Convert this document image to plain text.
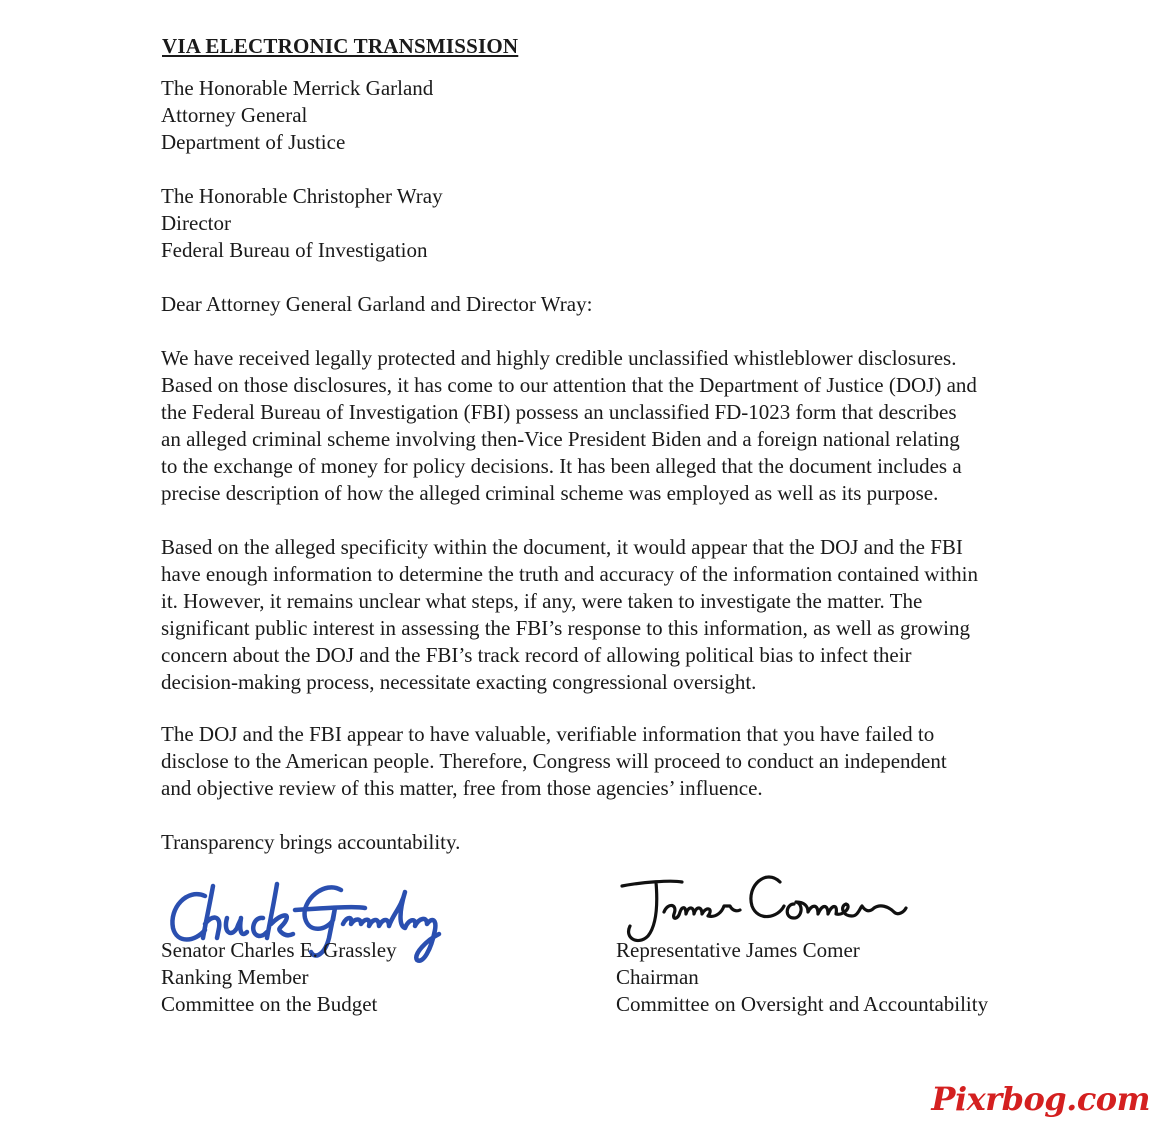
VIA ELECTRONIC TRANSMISSION
The Honorable Merrick Garland
Attorney General
Department of Justice
The Honorable Christopher Wray
Director
Federal Bureau of Investigation
Dear Attorney General Garland and Director Wray:
We have received legally protected and highly credible unclassified whistleblower disclosures.
Based on those disclosures, it has come to our attention that the Department of Justice (DOJ) and
the Federal Bureau of Investigation (FBI) possess an unclassified FD-1023 form that describes
an alleged criminal scheme involving then-Vice President Biden and a foreign national relating
to the exchange of money for policy decisions. It has been alleged that the document includes a
precise description of how the alleged criminal scheme was employed as well as its purpose.
Based on the alleged specificity within the document, it would appear that the DOJ and the FBI
have enough information to determine the truth and accuracy of the information contained within
it. However, it remains unclear what steps, if any, were taken to investigate the matter. The
significant public interest in assessing the FBI’s response to this information, as well as growing
concern about the DOJ and the FBI’s track record of allowing political bias to infect their
decision-making process, necessitate exacting congressional oversight.
The DOJ and the FBI appear to have valuable, verifiable information that you have failed to
disclose to the American people. Therefore, Congress will proceed to conduct an independent
and objective review of this matter, free from those agencies’ influence.
Transparency brings accountability.
Senator Charles E. Grassley
Ranking Member
Committee on the Budget
Representative James Comer
Chairman
Committee on Oversight and Accountability
Pixrbog.com
